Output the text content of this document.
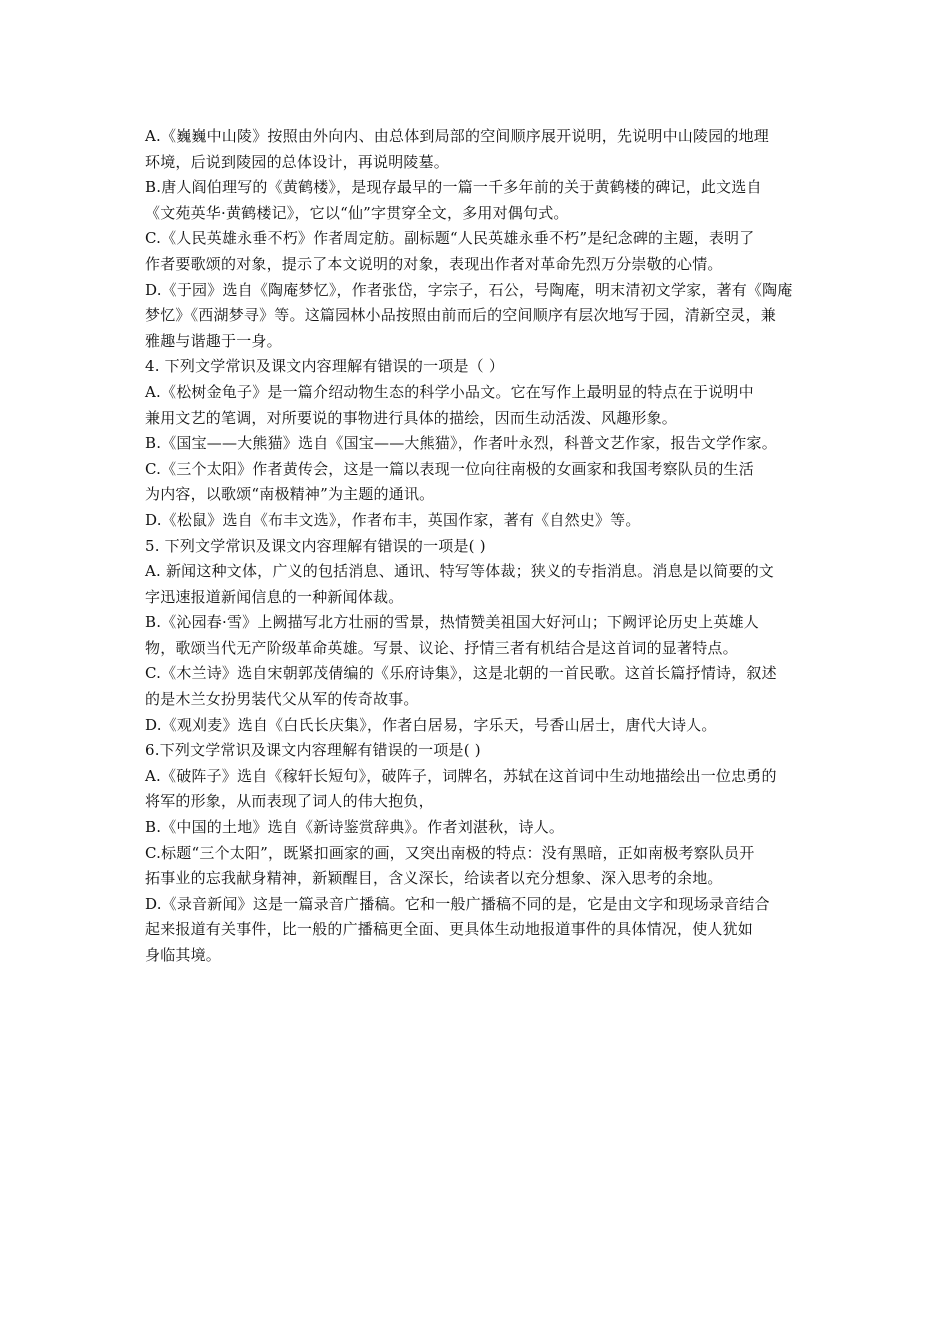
A.《巍巍中山陵》按照由外向内、由总体到局部的空间顺序展开说明，先说明中山陵园的地理
环境，后说到陵园的总体设计，再说明陵墓。
B.唐人阎伯理写的《黄鹤楼》，是现存最早的一篇一千多年前的关于黄鹤楼的碑记，此文选自
《文苑英华·黄鹤楼记》，它以“仙”字贯穿全文，多用对偶句式。
C.《人民英雄永垂不朽》作者周定舫。副标题“人民英雄永垂不朽”是纪念碑的主题，表明了
作者要歌颂的对象，提示了本文说明的对象，表现出作者对革命先烈万分崇敬的心情。
D.《于园》选自《陶庵梦忆》，作者张岱，字宗子，石公，号陶庵，明末清初文学家，著有《陶庵
梦忆》《西湖梦寻》等。这篇园林小品按照由前而后的空间顺序有层次地写于园，清新空灵，兼
雅趣与谐趣于一身。
4. 下列文学常识及课文内容理解有错误的一项是（ ）
A.《松树金龟子》是一篇介绍动物生态的科学小品文。它在写作上最明显的特点在于说明中
兼用文艺的笔调，对所要说的事物进行具体的描绘，因而生动活泼、风趣形象。
B.《国宝——大熊猫》选自《国宝——大熊猫》，作者叶永烈，科普文艺作家，报告文学作家。
C.《三个太阳》作者黄传会，这是一篇以表现一位向往南极的女画家和我国考察队员的生活
为内容，以歌颂“南极精神”为主题的通讯。
D.《松鼠》选自《布丰文选》，作者布丰，英国作家，著有《自然史》等。
5. 下列文学常识及课文内容理解有错误的一项是( )
A. 新闻这种文体，广义的包括消息、通讯、特写等体裁；狭义的专指消息。消息是以简要的文
字迅速报道新闻信息的一种新闻体裁。
B.《沁园春·雪》上阙描写北方壮丽的雪景，热情赞美祖国大好河山；下阙评论历史上英雄人
物，歌颂当代无产阶级革命英雄。写景、议论、抒情三者有机结合是这首词的显著特点。
C.《木兰诗》选自宋朝郭茂倩编的《乐府诗集》，这是北朝的一首民歌。这首长篇抒情诗，叙述
的是木兰女扮男装代父从军的传奇故事。
D.《观刈麦》选自《白氏长庆集》，作者白居易，字乐天，号香山居士，唐代大诗人。
6.下列文学常识及课文内容理解有错误的一项是( )
A.《破阵子》选自《稼轩长短句》，破阵子，词牌名，苏轼在这首词中生动地描绘出一位忠勇的
将军的形象，从而表现了词人的伟大抱负，
B.《中国的土地》选自《新诗鉴赏辞典》。作者刘湛秋，诗人。
C.标题“三个太阳”，既紧扣画家的画，又突出南极的特点：没有黑暗，正如南极考察队员开
拓事业的忘我献身精神，新颖醒目，含义深长，给读者以充分想象、深入思考的余地。
D.《录音新闻》这是一篇录音广播稿。它和一般广播稿不同的是，它是由文字和现场录音结合
起来报道有关事件，比一般的广播稿更全面、更具体生动地报道事件的具体情况，使人犹如
身临其境。
